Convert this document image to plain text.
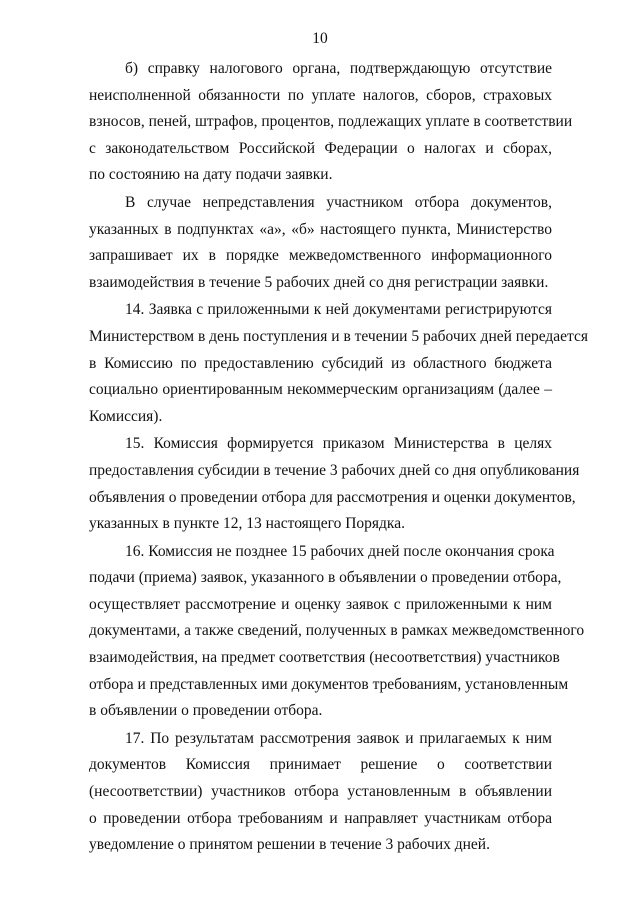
10

б) справку налогового органа, подтверждающую отсутствие
неисполненной обязанности по уплате налогов, сборов, страховых
взносов, пеней, штрафов, процентов, подлежащих уплате в соответствии
с законодательством Российской Федерации о налогах и сборах,
по состоянию на дату подачи заявки.

В случае непредставления участником отбора документов,
указанных в подпунктах «а», «б» настоящего пункта, Министерство
запрашивает их в порядке межведомственного информационного
взаимодействия в течение 5 рабочих дней со дня регистрации заявки.

14. Заявка с приложенными к ней документами регистрируются
Министерством в день поступления и в течении 5 рабочих дней передается
в Комиссию по предоставлению субсидий из областного бюджета
социально ориентированным некоммерческим организациям (далее –
Комиссия).

15. Комиссия формируется приказом Министерства в целях
предоставления субсидии в течение 3 рабочих дней со дня опубликования
объявления о проведении отбора для рассмотрения и оценки документов,
указанных в пункте 12, 13 настоящего Порядка.

16. Комиссия не позднее 15 рабочих дней после окончания срока
подачи (приема) заявок, указанного в объявлении о проведении отбора,
осуществляет рассмотрение и оценку заявок с приложенными к ним
документами, а также сведений, полученных в рамках межведомственного
взаимодействия, на предмет соответствия (несоответствия) участников
отбора и представленных ими документов требованиям, установленным
в объявлении о проведении отбора.

17. По результатам рассмотрения заявок и прилагаемых к ним
документов Комиссия принимает решение о соответствии
(несоответствии) участников отбора установленным в объявлении
о проведении отбора требованиям и направляет участникам отбора
уведомление о принятом решении в течение 3 рабочих дней.
